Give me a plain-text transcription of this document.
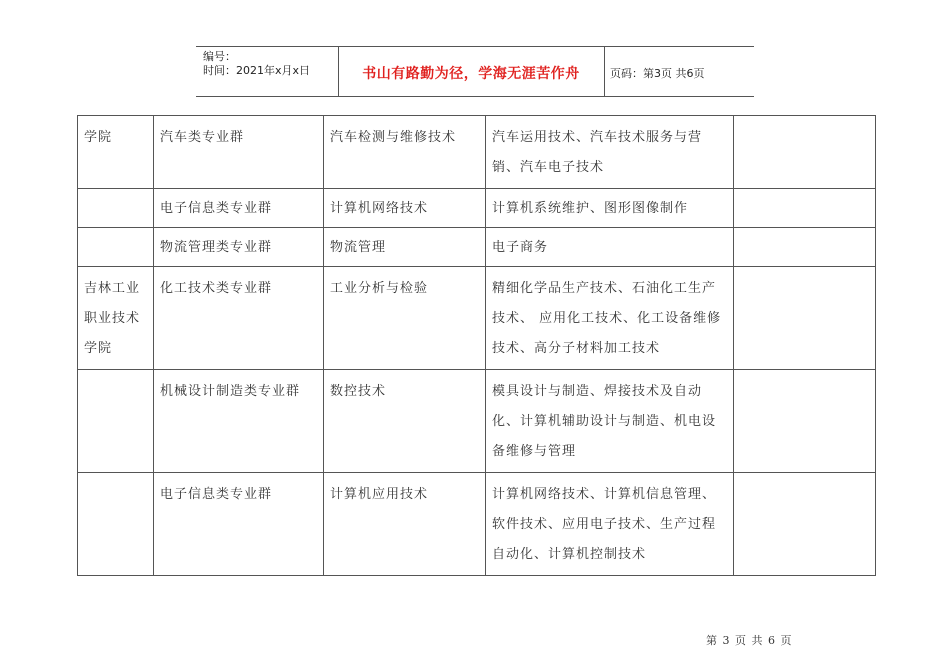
编号：
时间：2021年x月x日	书山有路勤为径，学海无涯苦作舟	页码：第3页 共6页
学院	汽车类专业群	汽车检测与维修技术	汽车运用技术、汽车技术服务与营销、汽车电子技术	
	电子信息类专业群	计算机网络技术	计算机系统维护、图形图像制作	
	物流管理类专业群	物流管理	电子商务	
吉林工业职业技术学院	化工技术类专业群	工业分析与检验	精细化学品生产技术、石油化工生产技术、 应用化工技术、化工设备维修技术、高分子材料加工技术	
	机械设计制造类专业群	数控技术	模具设计与制造、焊接技术及自动化、计算机辅助设计与制造、机电设备维修与管理	
	电子信息类专业群	计算机应用技术	计算机网络技术、计算机信息管理、软件技术、应用电子技术、生产过程自动化、计算机控制技术	
第 3 页 共 6 页
